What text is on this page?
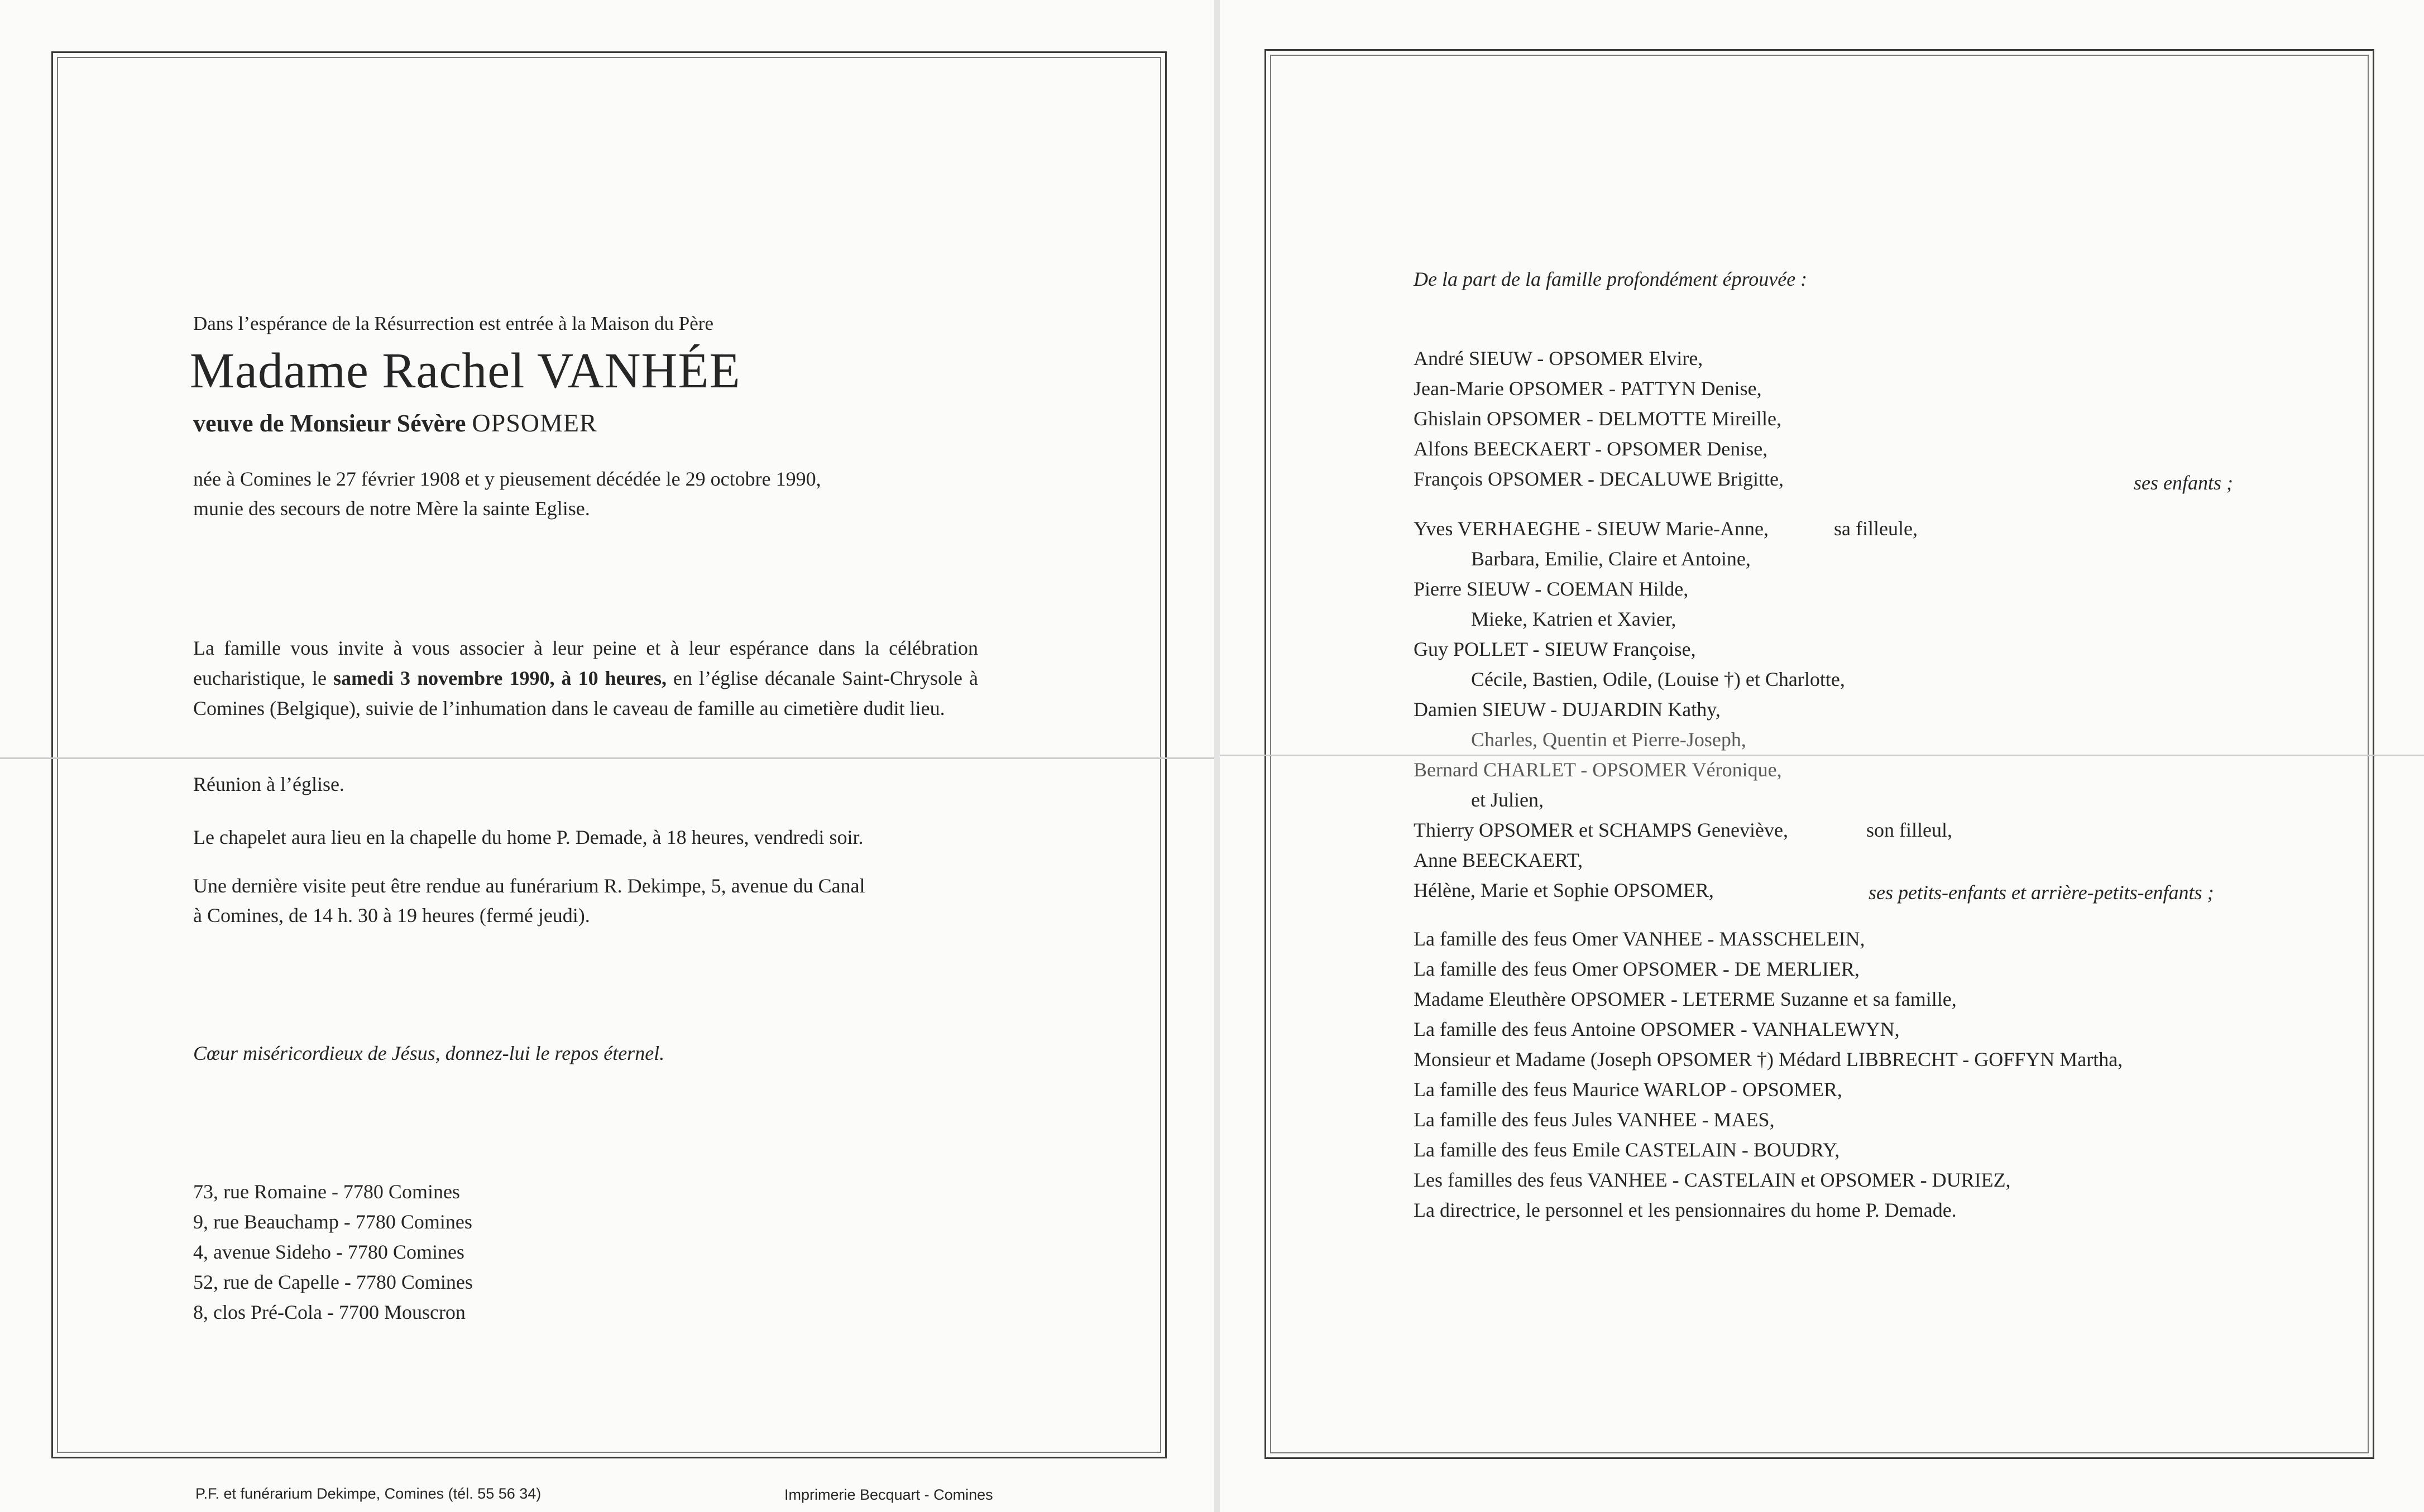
Dans l’espérance de la Résurrection est entrée à la Maison du Père
Madame Rachel VANHÉE
veuve de Monsieur Sévère OPSOMER
née à Comines le 27 février 1908 et y pieusement décédée le 29 octobre 1990,
munie des secours de notre Mère la sainte Eglise.
La famille vous invite à vous associer à leur peine et à leur espérance dans la célébration eucharistique, le samedi 3 novembre 1990, à 10 heures, en l’église décanale Saint-Chrysole à Comines (Belgique), suivie de l’inhumation dans le caveau de famille au cimetière dudit lieu.
Réunion à l’église.
Le chapelet aura lieu en la chapelle du home P. Demade, à 18 heures, vendredi soir.
Une dernière visite peut être rendue au funérarium R. Dekimpe, 5, avenue du Canal
à Comines, de 14 h. 30 à 19 heures (fermé jeudi).
Cœur miséricordieux de Jésus, donnez-lui le repos éternel.
73, rue Romaine - 7780 Comines
9, rue Beauchamp - 7780 Comines
4, avenue Sideho - 7780 Comines
52, rue de Capelle - 7780 Comines
8, clos Pré-Cola - 7700 Mouscron
P.F. et funérarium Dekimpe, Comines (tél. 55 56 34)	Imprimerie Becquart - Comines
De la part de la famille profondément éprouvée :
André SIEUW - OPSOMER Elvire,
Jean-Marie OPSOMER - PATTYN Denise,
Ghislain OPSOMER - DELMOTTE Mireille,
Alfons BEECKAERT - OPSOMER Denise,
François OPSOMER - DECALUWE Brigitte,	ses enfants ;
Yves VERHAEGHE - SIEUW Marie-Anne,
Barbara, Emilie, Claire et Antoine,
Pierre SIEUW - COEMAN Hilde,
Mieke, Katrien et Xavier,
Guy POLLET - SIEUW Françoise,
Cécile, Bastien, Odile, (Louise †) et Charlotte,
Damien SIEUW - DUJARDIN Kathy,
Charles, Quentin et Pierre-Joseph,
Bernard CHARLET - OPSOMER Véronique,
et Julien,
Thierry OPSOMER et SCHAMPS Geneviève,
Anne BEECKAERT,
Hélène, Marie et Sophie OPSOMER,
sa filleule,
son filleul,
ses petits-enfants et arrière-petits-enfants ;
La famille des feus Omer VANHEE - MASSCHELEIN,
La famille des feus Omer OPSOMER - DE MERLIER,
Madame Eleuthère OPSOMER - LETERME Suzanne et sa famille,
La famille des feus Antoine OPSOMER - VANHALEWYN,
Monsieur et Madame (Joseph OPSOMER †) Médard LIBBRECHT - GOFFYN Martha,
La famille des feus Maurice WARLOP - OPSOMER,
La famille des feus Jules VANHEE - MAES,
La famille des feus Emile CASTELAIN - BOUDRY,
Les familles des feus VANHEE - CASTELAIN et OPSOMER - DURIEZ,
La directrice, le personnel et les pensionnaires du home P. Demade.
